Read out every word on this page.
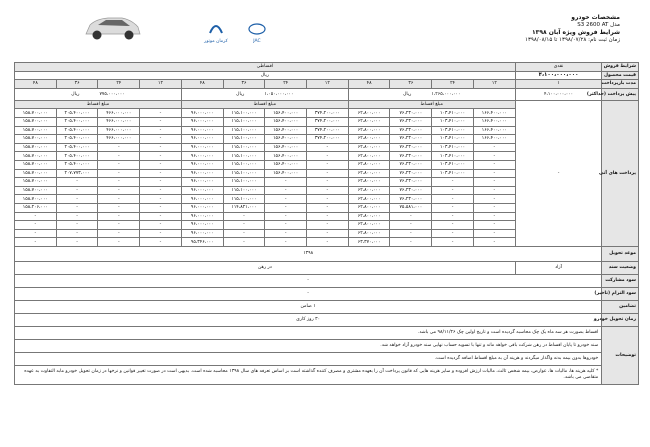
کرمان موتور	JAC
مشخصات خودرو
مدل S3 2600 AT
شرایط فروش ویژه آبان ۱۳۹۸
زمان ثبت نام: ۱۳۹۸/۰۷/۲۸ تا ۱۳۹۸/۰۸/۱۵
اقساطی												نقدی	شرایط فروش
ریال												۴،۱۰۰،۰۰۰،۰۰۰	قیمت محصول
۴۸	۳۶	۲۴	۱۲	۴۸	۳۶	۲۴	۱۲	۴۸	۳۶	۲۴	۱۲	۱	مدت بازپرداخت
۷۷۵،۰۰۰،۰۰۰ریال				۱،۰۵۰،۰۰۰،۰۰۰ریال				۱،۲۶۵،۰۰۰،۰۰۰ریال				۴،۱۰۰،۰۰۰،۰۰۰	پیش پرداخت (حداکثر)
مبلغ اقساط				مبلغ اقساط				مبلغ اقساط				-	پرداخت های آتی
۱۵۸،۷۰۰،۰۰۰	۲۰۵،۴۰۰،۰۰۰	۴۶۶،۰۰۰،۰۰۰	-	۹۶،۰۰۰،۰۰۰	۱۱۵،۱۰۰،۰۰۰	۱۵۶،۴۰۰،۰۰۰	۳۷۴،۲۰۰،۰۰۰	۶۲،۸۰۰،۰۰۰	۷۶،۲۳۰،۰۰۰	۱۰۳،۴۱۰،۰۰۰	۱۶۶،۴۰۰،۰۰۰		
۱۵۸،۷۰۰،۰۰۰	۲۰۵،۴۰۰،۰۰۰	۴۶۶،۰۰۰،۰۰۰	-	۹۶،۰۰۰،۰۰۰	۱۱۵،۱۰۰،۰۰۰	۱۵۶،۴۰۰،۰۰۰	۳۷۴،۲۰۰،۰۰۰	۶۲،۸۰۰،۰۰۰	۷۶،۲۳۰،۰۰۰	۱۰۳،۴۱۰،۰۰۰	۱۶۶،۴۰۰،۰۰۰		
۱۵۸،۷۰۰،۰۰۰	۲۰۵،۴۰۰،۰۰۰	۴۶۶،۰۰۰،۰۰۰	-	۹۶،۰۰۰،۰۰۰	۱۱۵،۱۰۰،۰۰۰	۱۵۶،۴۰۰،۰۰۰	۳۷۴،۲۰۰،۰۰۰	۶۲،۸۰۰،۰۰۰	۷۶،۲۳۰،۰۰۰	۱۰۳،۴۱۰،۰۰۰	۱۶۶،۴۰۰،۰۰۰		
۱۵۸،۷۰۰،۰۰۰	۲۰۵،۴۰۰،۰۰۰	۴۶۶،۰۰۰،۰۰۰	-	۹۶،۰۰۰،۰۰۰	۱۱۵،۱۰۰،۰۰۰	۱۵۶،۴۰۰،۰۰۰	۳۷۴،۲۰۰،۰۰۰	۶۲،۸۰۰،۰۰۰	۷۶،۲۳۰،۰۰۰	۱۰۳،۴۱۰،۰۰۰	۱۶۶،۴۰۰،۰۰۰		
۱۵۸،۷۰۰،۰۰۰	۲۰۵،۴۰۰،۰۰۰	-	-	۹۶،۰۰۰،۰۰۰	۱۱۵،۱۰۰،۰۰۰	۱۵۶،۴۰۰،۰۰۰	-	۶۲،۸۰۰،۰۰۰	۷۶،۲۳۰،۰۰۰	۱۰۳،۴۱۰،۰۰۰	-		
۱۵۸،۷۰۰،۰۰۰	۲۰۵،۴۰۰،۰۰۰	-	-	۹۶،۰۰۰،۰۰۰	۱۱۵،۱۰۰،۰۰۰	۱۵۶،۴۰۰،۰۰۰	-	۶۲،۸۰۰،۰۰۰	۷۶،۲۳۰،۰۰۰	۱۰۳،۴۱۰،۰۰۰	-		
۱۵۸،۷۰۰،۰۰۰	۲۰۵،۴۰۰،۰۰۰	-	-	۹۶،۰۰۰،۰۰۰	۱۱۵،۱۰۰،۰۰۰	۱۵۶،۴۰۰،۰۰۰	-	۶۲،۸۰۰،۰۰۰	۷۶،۲۳۰،۰۰۰	۱۰۳،۴۱۰،۰۰۰	-		
۱۵۸،۷۰۰،۰۰۰	۲۰۷،۷۷۳،۰۰۰	-	-	۹۶،۰۰۰،۰۰۰	۱۱۵،۱۰۰،۰۰۰	۱۵۶،۴۰۰،۰۰۰	-	۶۲،۸۰۰،۰۰۰	۷۶،۲۳۰،۰۰۰	۱۰۳،۴۱۰،۰۰۰	-		
۱۵۸،۷۰۰،۰۰۰	-	-	-	۹۶،۰۰۰،۰۰۰	۱۱۵،۱۰۰،۰۰۰	-	-	۶۲،۸۰۰،۰۰۰	۷۶،۲۳۰،۰۰۰	-	-		
۱۵۸،۷۰۰،۰۰۰	-	-	-	۹۶،۰۰۰،۰۰۰	۱۱۵،۱۰۰،۰۰۰	-	-	۶۲،۸۰۰،۰۰۰	۷۶،۲۳۰،۰۰۰	-	-		
۱۵۸،۷۰۰،۰۰۰	-	-	-	۹۶،۰۰۰،۰۰۰	۱۱۵،۱۰۰،۰۰۰	-	-	۶۲،۸۰۰،۰۰۰	۷۶،۲۳۰،۰۰۰	-	-		
۱۵۸،۲۰۶،۰۰۰	-	-	-	۹۶،۰۰۰،۰۰۰	۱۱۴،۸۲۱،۰۰۰	-	-	۶۲،۸۰۰،۰۰۰	۷۵،۵۸۱،۰۰۰	-	-		
-	-	-	-	۹۶،۰۰۰،۰۰۰	-	-	-	۶۲،۸۰۰،۰۰۰	-	-	-		
-	-	-	-	۹۶،۰۰۰،۰۰۰	-	-	-	۶۲،۸۰۰،۰۰۰	-	-	-		
-	-	-	-	۹۶،۰۰۰،۰۰۰	-	-	-	۶۲،۸۰۰،۰۰۰	-	-	-		
-	-	-	-	۹۵،۳۴۶،۰۰۰	-	-	-	۶۳،۳۷۰،۰۰۰	-	-	-		
۱۳۹۸													موعد تحویل
در رهن												آزاد	وضعیت سند
-													سود مشارکت
-													سود التزام (تاخیر)
۱ ضامن													تضامین
۳۰ روز کاری													زمان تحویل خودرو
اقساط بصورت هر سه ماه یک چک محاسبه گردیده است و تاریخ اولین چک ۹۸/۱۱/۲۶ می باشد.													توضیحات
سند خودرو تا پایان اقساط در رهن شرکت باقی خواهد ماند و تنها با تسویه حساب نهایی سند خودرو آزاد خواهد شد.													
خودروها بدون بیمه بدنه واگذار میگردند و هزینه آن به مبلغ اقساط اضافه گردیده است.													
* کلیه هزینه ها، مالیات ها، عوارض، بیمه شخص ثالث، مالیات ارزش افزوده و سایر هزینه هایی که قانون پرداخت آن را بعهده مشتری و مصرف کننده گذاشته است بر اساس تعرفه های سال ۱۳۹۸ محاسبه شده است. بدیهی است در صورت تغییر قوانین و نرخها در زمان تحویل خودرو مابه التفاوت به عهده متقاضی می باشد.													
